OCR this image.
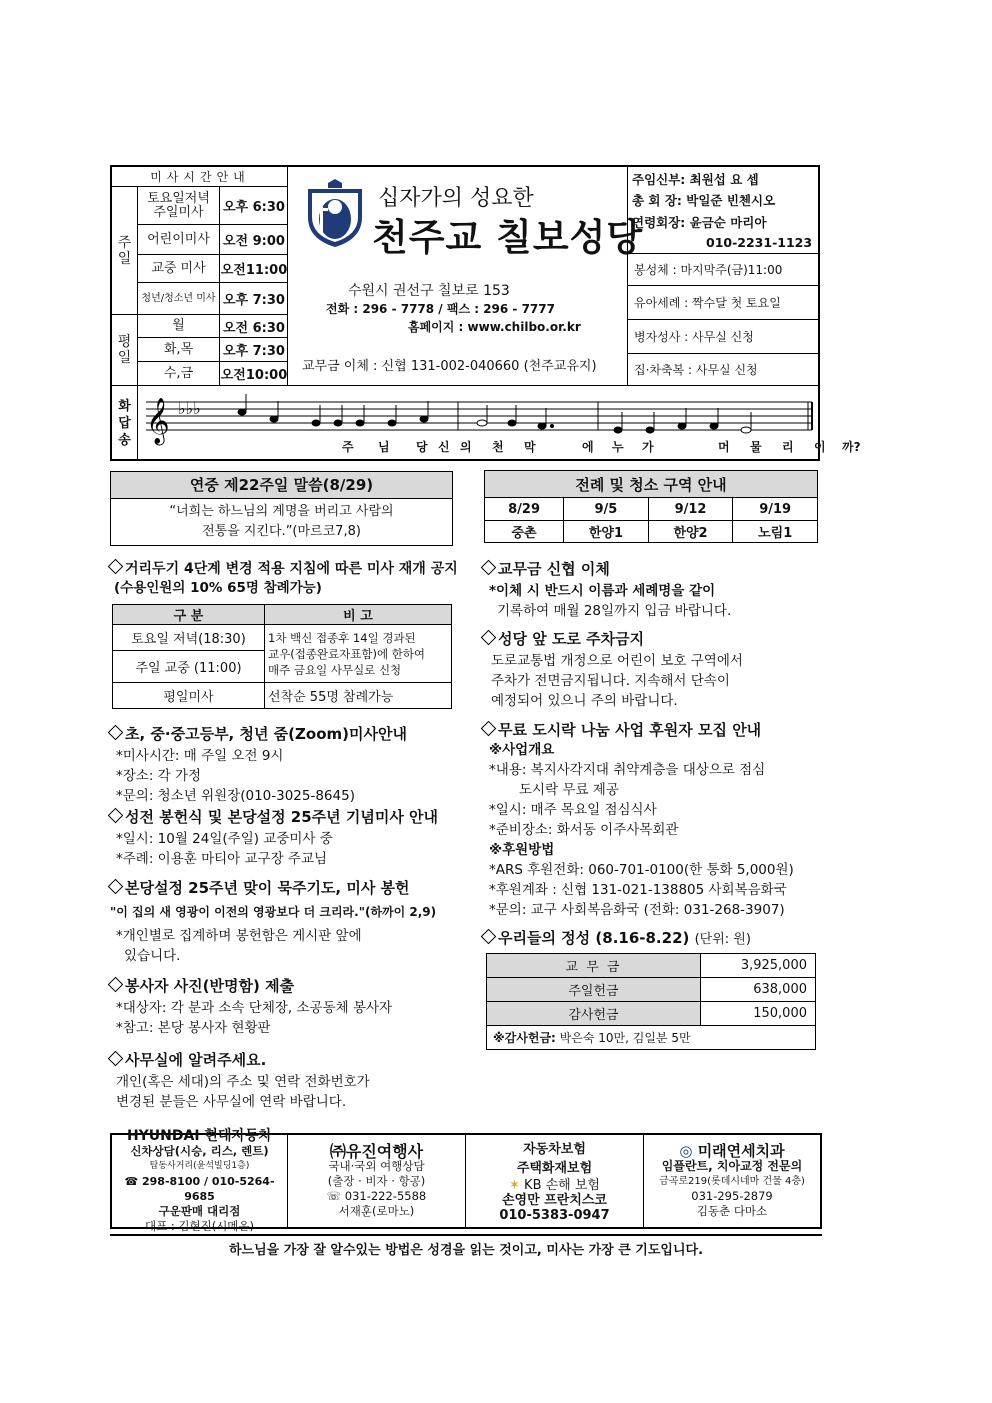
미사시간안내
주
일
토요일저녁
주일미사	오후 6:30
어린이미사	오전 9:00
교중 미사	오전11:00
청년/청소년 미사 오후 7:30
평
일
월	오전 6:30
화,목	오후 7:30
수,금	오전10:00
십자가의 성요한
천주교 칠보성당
수원시 권선구 칠보로 153
전화 : 296 - 7778 / 팩스 : 296 - 7777
홈페이지 : www.chilbo.or.kr
교무금 이체 : 신협 131-002-040660 (천주교유지)
주임신부: 최원섭 요 셉
총 회 장: 박일준 빈첸시오
연령회장: 윤금순 마리아
010-2231-1123
봉성체 : 마지막주(금)11:00
유아세례 : 짝수달 첫 토요일
병자성사 : 사무실 신청
집·차축복 : 사무실 신청
화
답
송 𝄞 ♭♭♭
주 님 당 신 의 천 막	에 누 가	머 물 리 이 까?
연중 제22주일 말씀(8/29)
“너희는 하느님의 계명을 버리고 사람의
전통을 지킨다.”(마르코7,8)
전례 및 청소 구역 안내			
8/29	9/5	9/12	9/19
중촌	한양1	한양2	노림1
거리두기 4단계 변경 적용 지침에 따른 미사 재개 공지
(수용인원의 10% 65명 참례가능)
구 분	비 고
토요일 저녁(18:30)	1차 백신 접종후 14일 경과된
교우(접종완료자표함)에 한하여
매주 금요일 사무실로 신청
주일 교중 (11:00)	
평일미사	선착순 55명 참례가능
초, 중·중고등부, 청년 줌(Zoom)미사안내
*미사시간: 매 주일 오전 9시
*장소: 각 가정
*문의: 청소년 위원장(010-3025-8645)
성전 봉헌식 및 본당설정 25주년 기념미사 안내
*일시: 10월 24일(주일) 교중미사 중
*주례: 이용훈 마티아 교구장 주교님
본당설정 25주년 맞이 묵주기도, 미사 봉헌
"이 집의 새 영광이 이전의 영광보다 더 크리라."(하까이 2,9)
*개인별로 집계하며 봉헌함은 게시판 앞에
있습니다.
봉사자 사진(반명함) 제출
*대상자: 각 분과 소속 단체장, 소공동체 봉사자
*참고: 본당 봉사자 현황판
사무실에 알려주세요.
개인(혹은 세대)의 주소 및 연락 전화번호가
변경된 분들은 사무실에 연락 바랍니다.
교무금 신협 이체
*이체 시 반드시 이름과 세례명을 같이
기록하여 매월 28일까지 입금 바랍니다.
성당 앞 도로 주차금지
도로교통법 개정으로 어린이 보호 구역에서
주차가 전면금지됩니다. 지속해서 단속이
예정되어 있으니 주의 바랍니다.
무료 도시락 나눔 사업 후원자 모집 안내
※사업개요
*내용: 복지사각지대 취약계층을 대상으로 점심
도시락 무료 제공
*일시: 매주 목요일 점심식사
*준비장소: 화서동 이주사목회관
※후원방법
*ARS 후원전화: 060-701-0100(한 통화 5,000원)
*후원계좌 : 신협 131-021-138805 사회복음화국
*문의: 교구 사회복음화국 (전화: 031-268-3907)
우리들의 정성 (8.16-8.22) (단위: 원)
교 무 금	3,925,000
주일헌금	638,000
감사헌금	150,000
※감사헌금: 박은숙 10만, 김일분 5만	
HYUNDAI 현대자동차
신차상담(시승, 리스, 렌트)
탑동사거리(윤석빌딩1층)
☎ 298-8100 / 010-5264-9685
구운판매 대리점
대표 : 김현진(시메온)
㈜유진여행사
국내·국외 여행상담
(출장 · 비자 · 항공)
☏ 031-222-5588
서재훈(로마노)
자동차보험
주택화재보험
✶ KB 손해 보험
손영만 프란치스코
010-5383-0947
◎ 미래연세치과
임플란트, 치아교정 전문의
금곡로219(롯데시네마 건물 4층)
031-295-2879
김동춘 다마소
하느님을 가장 잘 알수있는 방법은 성경을 읽는 것이고, 미사는 가장 큰 기도입니다.
